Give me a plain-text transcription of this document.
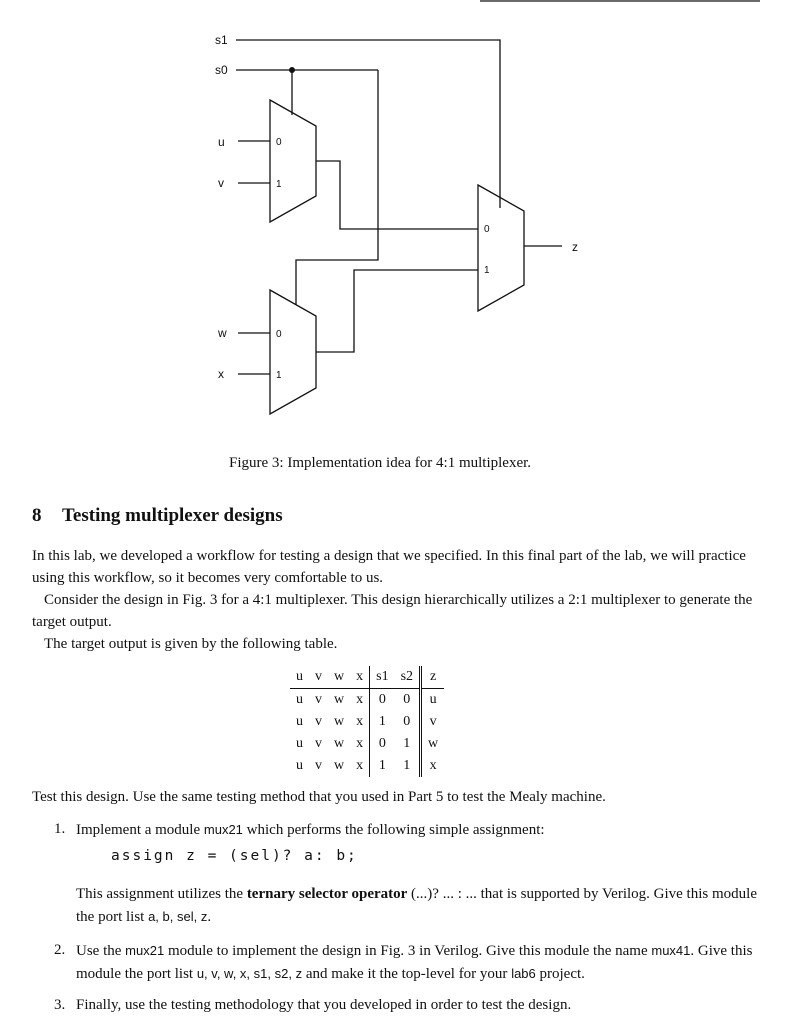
s1
s0
u
v
w
x
0
1
0
1
0
1
z
Figure 3: Implementation idea for 4:1 multiplexer.
8 Testing multiplexer designs
In this lab, we developed a workflow for testing a design that we specified. In this final part of the lab, we will practice using this workflow, so it becomes very comfortable to us.
Consider the design in Fig. 3 for a 4:1 multiplexer. This design hierarchically utilizes a 2:1 multiplexer to generate the target output.
The target output is given by the following table.
u	v	w	x	s1	s2	z
u	v	w	x	0	0	u
u	v	w	x	1	0	v
u	v	w	x	0	1	w
u	v	w	x	1	1	x
Test this design. Use the same testing method that you used in Part 5 to test the Mealy machine.
1. Implement a module mux21 which performs the following simple assignment:
assign z = (sel)? a: b;
This assignment utilizes the ternary selector operator (...)? ... : ... that is supported by Verilog. Give this module the port list a, b, sel, z.
2. Use the mux21 module to implement the design in Fig. 3 in Verilog. Give this module the name mux41. Give this module the port list u, v, w, x, s1, s2, z and make it the top-level for your lab6 project.
3. Finally, use the testing methodology that you developed in order to test the design.
